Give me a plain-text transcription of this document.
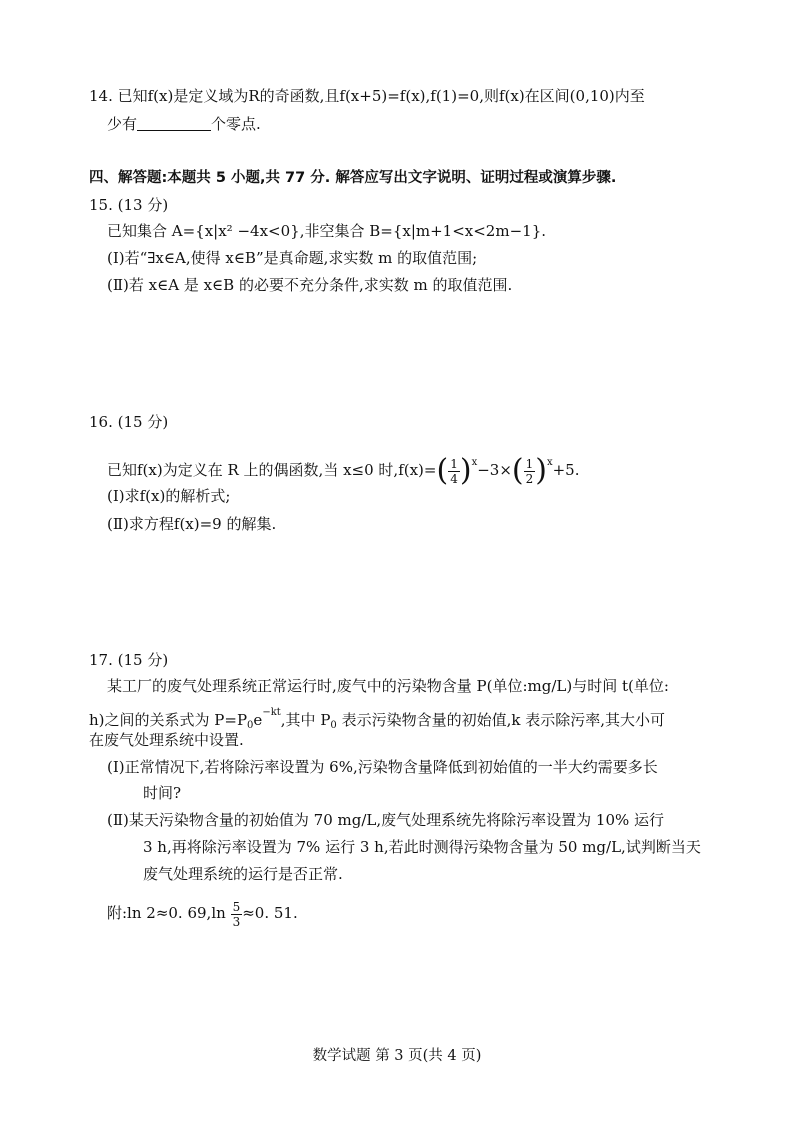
14. 已知f(x)是定义域为R的奇函数,且f(x+5)=f(x),f(1)=0,则f(x)在区间(0,10)内至
少有	个零点.
四、解答题:本题共 5 小题,共 77 分. 解答应写出文字说明、证明过程或演算步骤.
15. (13 分)
已知集合 A={x|x² −4x<0},非空集合 B={x|m+1<x<2m−1}.
(Ⅰ)若“∃x∈A,使得 x∈B”是真命题,求实数 m 的取值范围;
(Ⅱ)若 x∈A 是 x∈B 的必要不充分条件,求实数 m 的取值范围.
16. (15 分)
已知f(x)为定义在 R 上的偶函数,当 x≤0 时$,f(x)=( \frac{1}{4} )^x-3\times( \frac{1}{2} )^x+5$.
(Ⅰ)求f(x)的解析式;
(Ⅱ)求方程f(x)=9 的解集.
17. (15 分)
某工厂的废气处理系统正常运行时,废气中的污染物含量 P(单位:mg/L)与时间 t(单位:
h)之间的关系式为 $P=P_0e^{-kt}$,其中 $P_0$ 表示污染物含量的初始值,k 表示除污率,其大小可
在废气处理系统中设置.
(Ⅰ)正常情况下,若将除污率设置为 6%,污染物含量降低到初始值的一半大约需要多长
时间?
(Ⅱ)某天污染物含量的初始值为 70 mg/L,废气处理系统先将除污率设置为 10% 运行
3 h,再将除污率设置为 7% 运行 3 h,若此时测得污染物含量为 50 mg/L,试判断当天
废气处理系统的运行是否正常.
附:ln 2≈0. $69,\ln \frac{5}{3} \approx 0$. 51.
数学试题 第 3 页(共 4 页)
